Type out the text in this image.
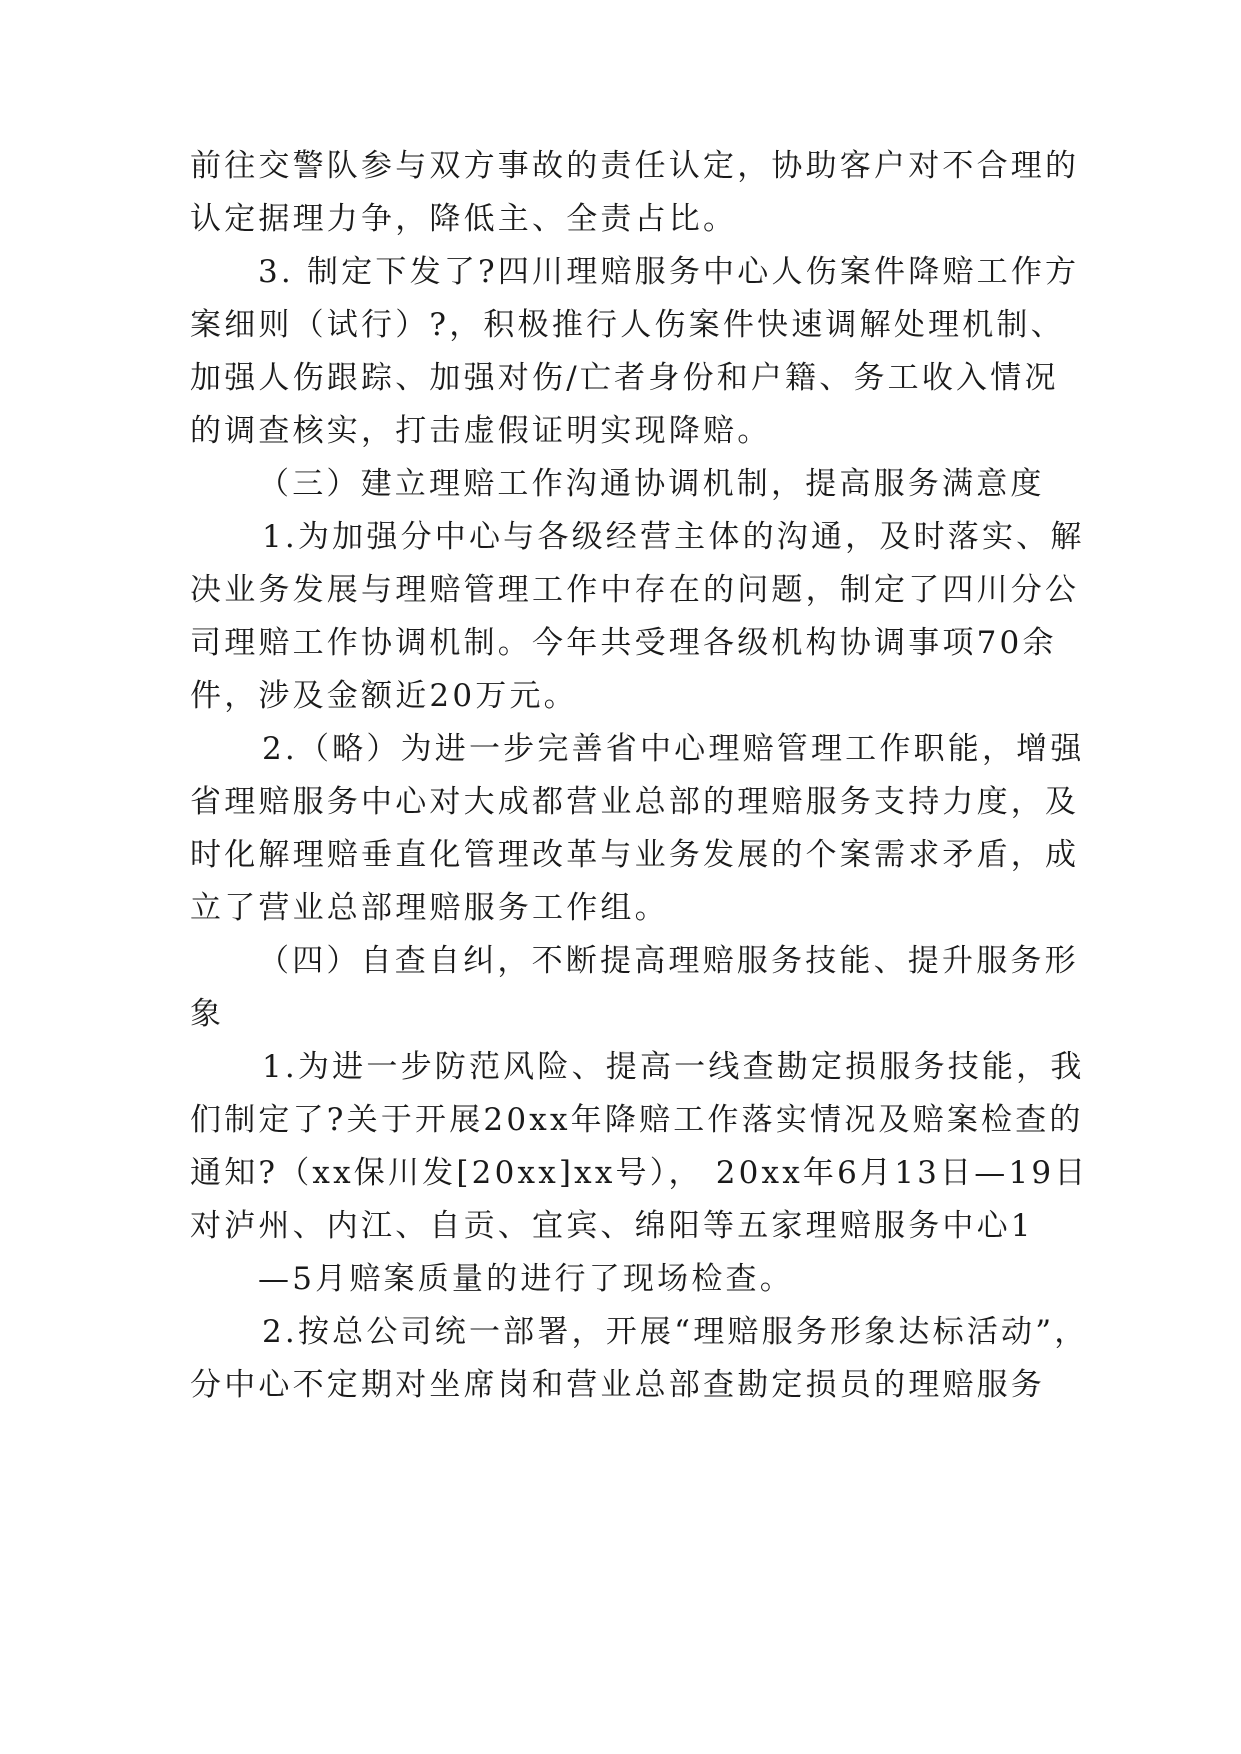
前往交警队参与双方事故的责任认定，协助客户对不合理的
认定据理力争，降低主、全责占比。
3. 制定下发了?四川理赔服务中心人伤案件降赔工作方
案细则（试行）?，积极推行人伤案件快速调解处理机制、
加强人伤跟踪、加强对伤/亡者身份和户籍、务工收入情况
的调查核实，打击虚假证明实现降赔。
（三）建立理赔工作沟通协调机制，提高服务满意度
1.为加强分中心与各级经营主体的沟通，及时落实、解
决业务发展与理赔管理工作中存在的问题，制定了四川分公
司理赔工作协调机制。今年共受理各级机构协调事项70余
件，涉及金额近20万元。
2.（略）为进一步完善省中心理赔管理工作职能，增强
省理赔服务中心对大成都营业总部的理赔服务支持力度，及
时化解理赔垂直化管理改革与业务发展的个案需求矛盾，成
立了营业总部理赔服务工作组。
（四）自查自纠，不断提高理赔服务技能、提升服务形
象
1.为进一步防范风险、提高一线查勘定损服务技能，我
们制定了?关于开展20xx年降赔工作落实情况及赔案检查的
通知?（xx保川发[20xx]xx号）， 20xx年6月13日—19日
对泸州、内江、自贡、宜宾、绵阳等五家理赔服务中心1
—5月赔案质量的进行了现场检查。
2.按总公司统一部署，开展“理赔服务形象达标活动”，
分中心不定期对坐席岗和营业总部查勘定损员的理赔服务
